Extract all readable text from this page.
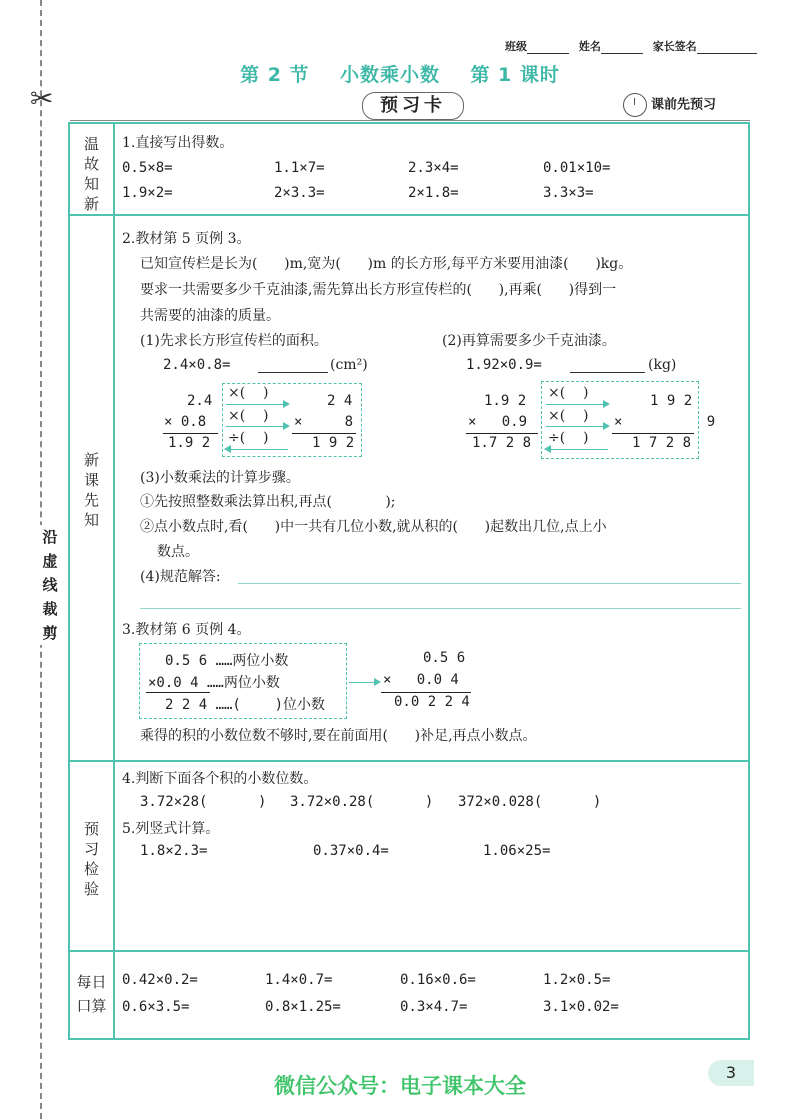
✂
沿
虚
线
裁
剪
班级	姓名	家长签名
第 2 节    小数乘小数    第 1 课时
预习卡	课前先预习
温
故
知
新
新
课
先
知
预
习
检
验
每日
口算
1.直接写出得数。
0.5×8=	1.1×7=	2.3×4=	0.01×10=
1.9×2=	2×3.3=	2×1.8=	3.3×3=
2.教材第 5 页例 3。
已知宣传栏是长为(      )m,宽为(      )m 的长方形,每平方米要用油漆(      )kg。
要求一共需要多少千克油漆,需先算出长方形宣传栏的(      ),再乘(      )得到一
共需要的油漆的质量。
(1)先求长方形宣传栏的面积。	(2)再算需要多少千克油漆。
2.4×0.8=	(cm²)	1.92×0.9=	(kg)
2.4
× 0.8
1.9 2
×(    )
×(    )
÷(    )
2 4
×     8
1 9 2
1.9 2
×   0.9
1.7 2 8
×(    )
×(    )
÷(    )
1 9 2
×          9
1 7 2 8
(3)小数乘法的计算步骤。
①先按照整数乘法算出积,再点(            );
②点小数点时,看(      )中一共有几位小数,就从积的(      )起数出几位,点上小
数点。
(4)规范解答:
3.教材第 6 页例 4。
0.5 6 ……两位小数
×0.0 4 ……两位小数
2 2 4 ……(    )位小数
0.5 6
×   0.0 4
0.0 2 2 4
乘得的积的小数位数不够时,要在前面用(      )补足,再点小数点。
4.判断下面各个积的小数位数。
3.72×28(      ) 3.72×0.28(      ) 372×0.028(      )
5.列竖式计算。
1.8×2.3=	0.37×0.4=	1.06×25=
0.42×0.2=	1.4×0.7=	0.16×0.6=	1.2×0.5=
0.6×3.5=	0.8×1.25=	0.3×4.7=	3.1×0.02=
3
微信公众号：电子课本大全
